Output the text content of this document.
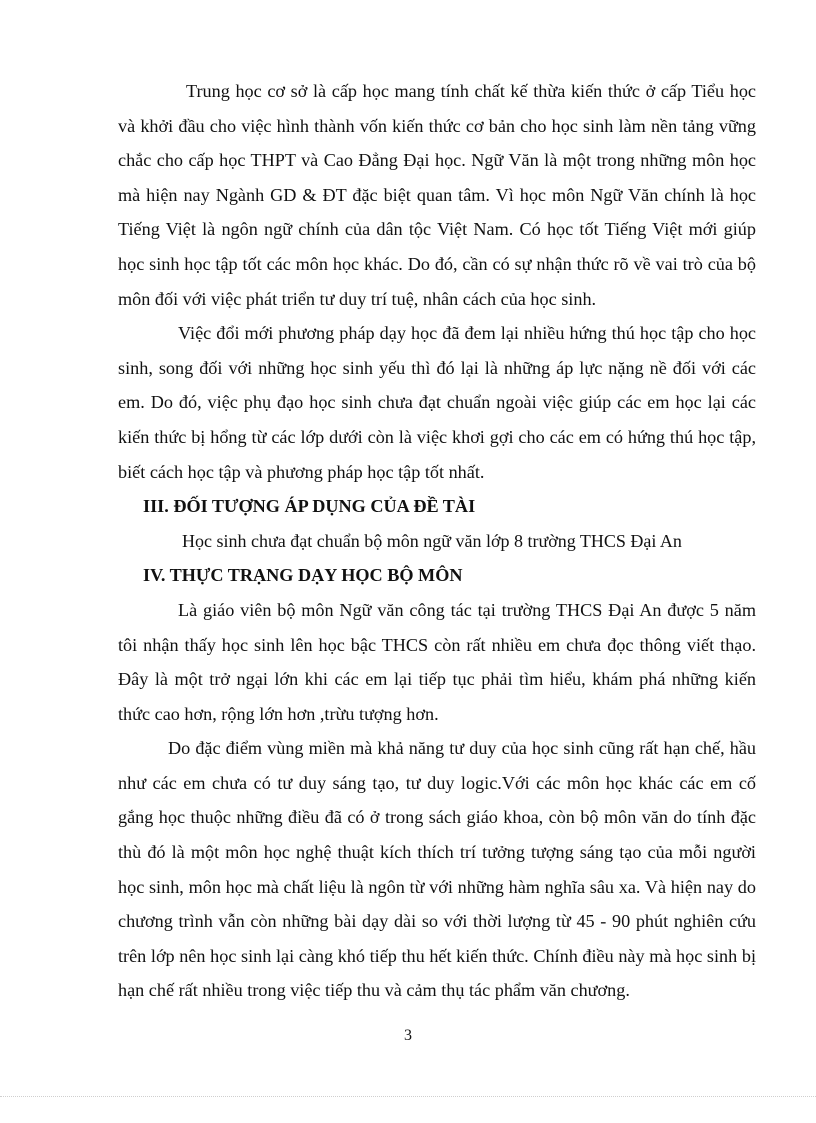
Trung học cơ sở là cấp học mang tính chất kế thừa kiến thức ở cấp Tiểu học và khởi đầu cho việc hình thành vốn kiến thức cơ bản cho học sinh làm nền tảng vững chắc cho cấp học THPT và Cao Đẳng Đại học. Ngữ Văn là một trong những môn học mà hiện nay Ngành GD & ĐT đặc biệt quan tâm. Vì học môn Ngữ Văn chính là học Tiếng Việt là ngôn ngữ chính của dân tộc Việt Nam. Có học tốt Tiếng Việt mới giúp học sinh học tập tốt các môn học khác. Do đó, cần có sự nhận thức rõ về vai trò của bộ môn đối với việc phát triển tư duy trí tuệ, nhân cách của học sinh.

Việc đổi mới phương pháp dạy học đã đem lại nhiều hứng thú học tập cho học sinh, song đối với những học sinh yếu thì đó lại là những áp lực nặng nề đối với các em. Do đó, việc phụ đạo học sinh chưa đạt chuẩn ngoài việc giúp các em học lại các kiến thức bị hổng từ các lớp dưới còn là việc khơi gợi cho các em có hứng thú học tập, biết cách học tập và phương pháp học tập tốt nhất.

III. ĐỐI TƯỢNG ÁP DỤNG CỦA ĐỀ TÀI

Học sinh chưa đạt chuẩn bộ môn ngữ văn lớp 8 trường THCS Đại An

IV. THỰC TRẠNG DẠY HỌC BỘ MÔN

Là giáo viên bộ môn Ngữ văn công tác tại trường THCS Đại An được 5 năm tôi nhận thấy học sinh lên học bậc THCS còn rất nhiều em chưa đọc thông viết thạo. Đây là một trở ngại lớn khi các em lại tiếp tục phải tìm hiểu, khám phá những kiến thức cao hơn, rộng lớn hơn ,trừu tượng hơn.

Do đặc điểm vùng miền mà khả năng tư duy của học sinh cũng rất hạn chế, hầu như các em chưa có tư duy sáng tạo, tư duy logic.Với các môn học khác các em cố gắng học thuộc những điều đã có ở trong sách giáo khoa, còn bộ môn văn do tính đặc thù đó là một môn học nghệ thuật kích thích trí tưởng tượng sáng tạo của mỗi người học sinh, môn học mà chất liệu là ngôn từ với những hàm nghĩa sâu xa. Và hiện nay do chương trình vẫn còn những bài dạy dài so với thời lượng từ 45 - 90 phút nghiên cứu trên lớp nên học sinh lại càng khó tiếp thu hết kiến thức. Chính điều này mà học sinh bị hạn chế rất nhiều trong việc tiếp thu và cảm thụ tác phẩm văn chương.

3
